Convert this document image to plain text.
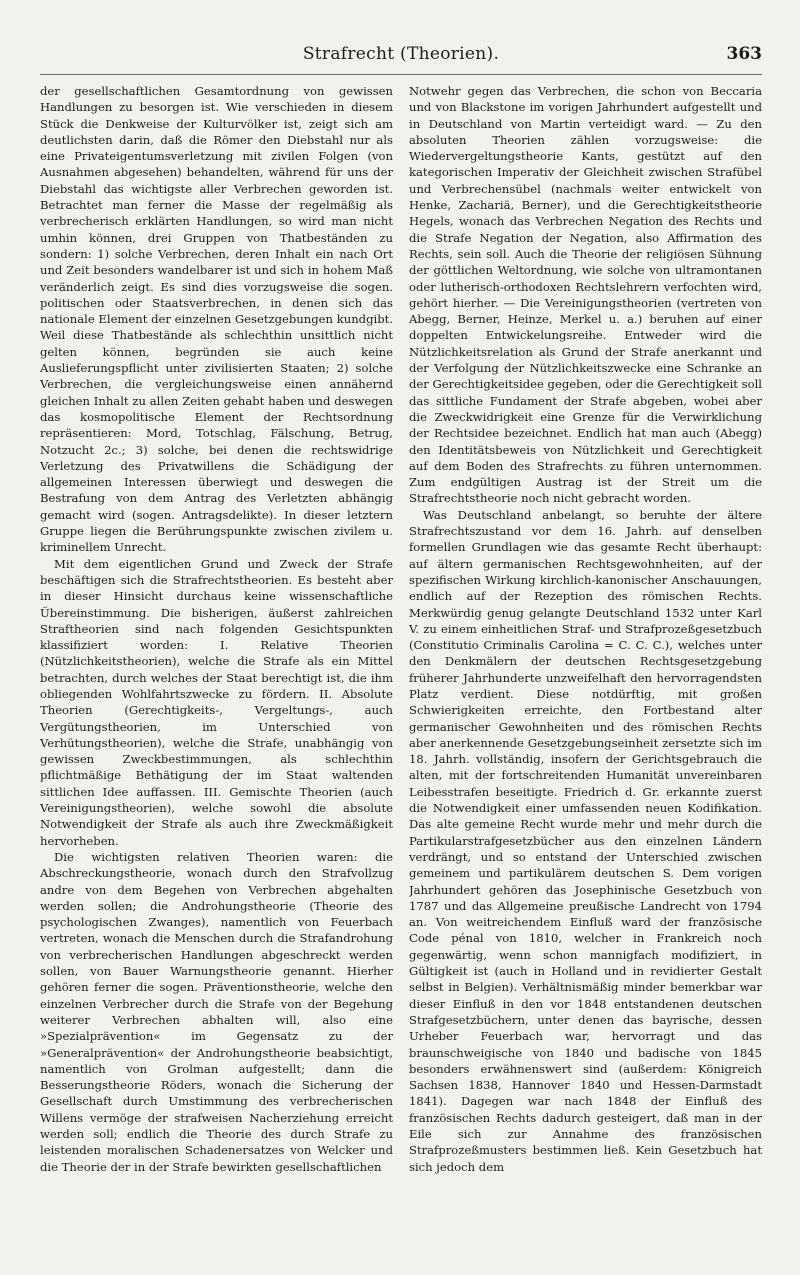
Strafrecht (Theorien).	363

der gesellschaftlichen Gesamtordnung von gewissen Handlungen zu besorgen ist. Wie verschieden in diesem Stück die Denkweise der Kulturvölker ist, zeigt sich am deutlichsten darin, daß die Römer den Diebstahl nur als eine Privateigentumsverletzung mit zivilen Folgen (von Ausnahmen abgesehen) behandelten, während für uns der Diebstahl das wichtigste aller Verbrechen geworden ist. Betrachtet man ferner die Masse der regelmäßig als verbrecherisch erklärten Handlungen, so wird man nicht umhin können, drei Gruppen von Thatbeständen zu sondern: 1) solche Verbrechen, deren Inhalt ein nach Ort und Zeit besonders wandelbarer ist und sich in hohem Maß veränderlich zeigt. Es sind dies vorzugsweise die sogen. politischen oder Staatsverbrechen, in denen sich das nationale Element der einzelnen Gesetzgebungen kundgibt. Weil diese Thatbestände als schlechthin unsittlich nicht gelten können, begründen sie auch keine Auslieferungspflicht unter zivilisierten Staaten; 2) solche Verbrechen, die vergleichungsweise einen annähernd gleichen Inhalt zu allen Zeiten gehabt haben und deswegen das kosmopolitische Element der Rechtsordnung repräsentieren: Mord, Totschlag, Fälschung, Betrug, Notzucht 2c.; 3) solche, bei denen die rechtswidrige Verletzung des Privatwillens die Schädigung der allgemeinen Interessen überwiegt und deswegen die Bestrafung von dem Antrag des Verletzten abhängig gemacht wird (sogen. Antragsdelikte). In dieser letztern Gruppe liegen die Berührungspunkte zwischen zivilem u. kriminellem Unrecht.

Mit dem eigentlichen Grund und Zweck der Strafe beschäftigen sich die Strafrechtstheorien. Es besteht aber in dieser Hinsicht durchaus keine wissenschaftliche Übereinstimmung. Die bisherigen, äußerst zahlreichen Straftheorien sind nach folgenden Gesichtspunkten klassifiziert worden: I. Relative Theorien (Nützlichkeitstheorien), welche die Strafe als ein Mittel betrachten, durch welches der Staat berechtigt ist, die ihm obliegenden Wohlfahrtszwecke zu fördern. II. Absolute Theorien (Gerechtigkeits-, Vergeltungs-, auch Vergütungstheorien, im Unterschied von Verhütungstheorien), welche die Strafe, unabhängig von gewissen Zweckbestimmungen, als schlechthin pflichtmäßige Bethätigung der im Staat waltenden sittlichen Idee auffassen. III. Gemischte Theorien (auch Vereinigungstheorien), welche sowohl die absolute Notwendigkeit der Strafe als auch ihre Zweckmäßigkeit hervorheben.

Die wichtigsten relativen Theorien waren: die Abschreckungstheorie, wonach durch den Strafvollzug andre von dem Begehen von Verbrechen abgehalten werden sollen; die Androhungstheorie (Theorie des psychologischen Zwanges), namentlich von Feuerbach vertreten, wonach die Menschen durch die Strafandrohung von verbrecherischen Handlungen abgeschreckt werden sollen, von Bauer Warnungstheorie genannt. Hierher gehören ferner die sogen. Präventionstheorie, welche den einzelnen Verbrecher durch die Strafe von der Begehung weiterer Verbrechen abhalten will, also eine »Spezialprävention« im Gegensatz zu der »Generalprävention« der Androhungstheorie beabsichtigt, namentlich von Grolman aufgestellt; dann die Besserungstheorie Röders, wonach die Sicherung der Gesellschaft durch Umstimmung des verbrecherischen Willens vermöge der strafweisen Nacherziehung erreicht werden soll; endlich die Theorie des durch Strafe zu leistenden moralischen Schadenersatzes von Welcker und die Theorie der in der Strafe bewirkten gesellschaftlichen

Notwehr gegen das Verbrechen, die schon von Beccaria und von Blackstone im vorigen Jahrhundert aufgestellt und in Deutschland von Martin verteidigt ward. — Zu den absoluten Theorien zählen vorzugsweise: die Wiedervergeltungstheorie Kants, gestützt auf den kategorischen Imperativ der Gleichheit zwischen Strafübel und Verbrechensübel (nachmals weiter entwickelt von Henke, Zachariä, Berner), und die Gerechtigkeitstheorie Hegels, wonach das Verbrechen Negation des Rechts und die Strafe Negation der Negation, also Affirmation des Rechts, sein soll. Auch die Theorie der religiösen Sühnung der göttlichen Weltordnung, wie solche von ultramontanen oder lutherisch-orthodoxen Rechtslehrern verfochten wird, gehört hierher. — Die Vereinigungstheorien (vertreten von Abegg, Berner, Heinze, Merkel u. a.) beruhen auf einer doppelten Entwickelungsreihe. Entweder wird die Nützlichkeitsrelation als Grund der Strafe anerkannt und der Verfolgung der Nützlichkeitszwecke eine Schranke an der Gerechtigkeitsidee gegeben, oder die Gerechtigkeit soll das sittliche Fundament der Strafe abgeben, wobei aber die Zweckwidrigkeit eine Grenze für die Verwirklichung der Rechtsidee bezeichnet. Endlich hat man auch (Abegg) den Identitätsbeweis von Nützlichkeit und Gerechtigkeit auf dem Boden des Strafrechts zu führen unternommen. Zum endgültigen Austrag ist der Streit um die Strafrechtstheorie noch nicht gebracht worden.

Was Deutschland anbelangt, so beruhte der ältere Strafrechtszustand vor dem 16. Jahrh. auf denselben formellen Grundlagen wie das gesamte Recht überhaupt: auf ältern germanischen Rechtsgewohnheiten, auf der spezifischen Wirkung kirchlich-kanonischer Anschauungen, endlich auf der Rezeption des römischen Rechts. Merkwürdig genug gelangte Deutschland 1532 unter Karl V. zu einem einheitlichen Straf- und Strafprozeßgesetzbuch (Constitutio Criminalis Carolina = C. C. C.), welches unter den Denkmälern der deutschen Rechtsgesetzgebung früherer Jahrhunderte unzweifelhaft den hervorragendsten Platz verdient. Diese notdürftig, mit großen Schwierigkeiten erreichte, den Fortbestand alter germanischer Gewohnheiten und des römischen Rechts aber anerkennende Gesetzgebungseinheit zersetzte sich im 18. Jahrh. vollständig, insofern der Gerichtsgebrauch die alten, mit der fortschreitenden Humanität unvereinbaren Leibesstrafen beseitigte. Friedrich d. Gr. erkannte zuerst die Notwendigkeit einer umfassenden neuen Kodifikation. Das alte gemeine Recht wurde mehr und mehr durch die Partikularstrafgesetzbücher aus den einzelnen Ländern verdrängt, und so entstand der Unterschied zwischen gemeinem und partikulärem deutschen S. Dem vorigen Jahrhundert gehören das Josephinische Gesetzbuch von 1787 und das Allgemeine preußische Landrecht von 1794 an. Von weitreichendem Einfluß ward der französische Code pénal von 1810, welcher in Frankreich noch gegenwärtig, wenn schon mannigfach modifiziert, in Gültigkeit ist (auch in Holland und in revidierter Gestalt selbst in Belgien). Verhältnismäßig minder bemerkbar war dieser Einfluß in den vor 1848 entstandenen deutschen Strafgesetzbüchern, unter denen das bayrische, dessen Urheber Feuerbach war, hervorragt und das braunschweigische von 1840 und badische von 1845 besonders erwähnenswert sind (außerdem: Königreich Sachsen 1838, Hannover 1840 und Hessen-Darmstadt 1841). Dagegen war nach 1848 der Einfluß des französischen Rechts dadurch gesteigert, daß man in der Eile sich zur Annahme des französischen Strafprozeßmusters bestimmen ließ. Kein Gesetzbuch hat sich jedoch dem
